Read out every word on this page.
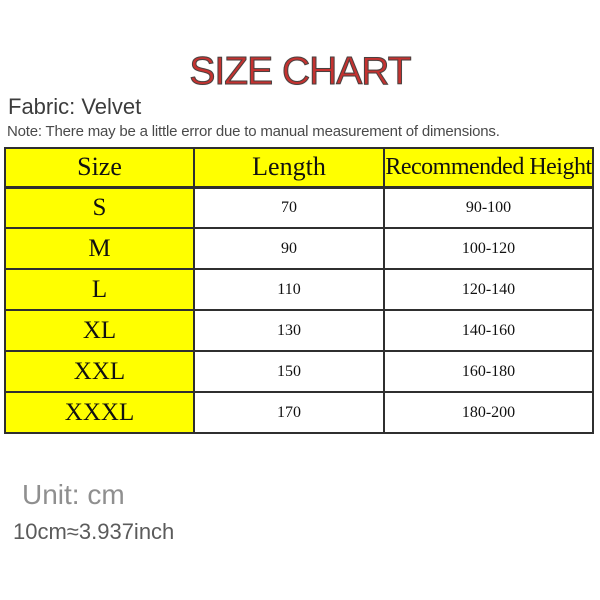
SIZE CHART
Fabric: Velvet
Note: There may be a little error due to manual measurement of dimensions.
Size	Length	Recommended Height
S	70	90-100
M	90	100-120
L	110	120-140
XL	130	140-160
XXL	150	160-180
XXXL	170	180-200
Unit: cm
10cm≈3.937inch
